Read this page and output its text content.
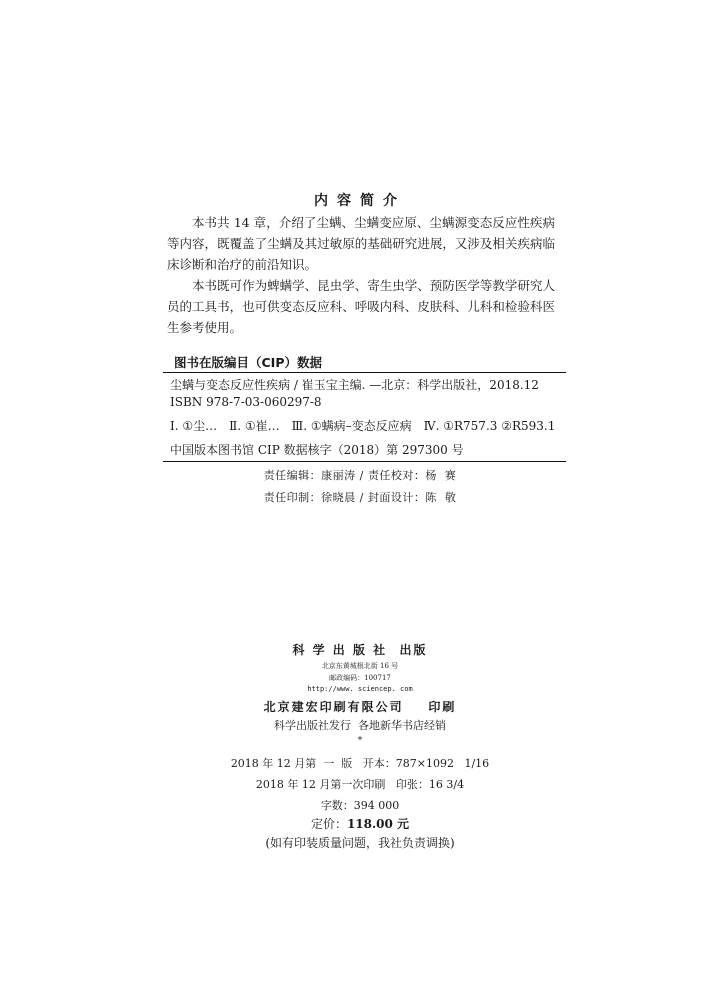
内容简介

本书共 14 章，介绍了尘螨、尘螨变应原、尘螨源变态反应性疾病等内容，既覆盖了尘螨及其过敏原的基础研究进展，又涉及相关疾病临床诊断和治疗的前沿知识。

本书既可作为蜱螨学、昆虫学、寄生虫学、预防医学等教学研究人员的工具书，也可供变态反应科、呼吸内科、皮肤科、儿科和检验科医生参考使用。

图书在版编目（CIP）数据
尘螨与变态反应性疾病 / 崔玉宝主编. —北京：科学出版社，2018.12
ISBN 978-7-03-060297-8
Ⅰ. ①尘…　Ⅱ. ①崔…　Ⅲ. ①螨病–变态反应病　Ⅳ. ①R757.3 ②R593.1
中国版本图书馆 CIP 数据核字（2018）第 297300 号
责任编辑：康丽涛 / 责任校对：杨  赛
责任印制：徐晓晨 / 封面设计：陈  敬
科 学 出 版 社  出版
北京东黄城根北街 16 号
邮政编码：100717
http://www. sciencep. com
北京建宏印刷有限公司    印刷
科学出版社发行  各地新华书店经销
*
2018 年 12 月第  一  版   开本：787×1092   1/16
2018 年 12 月第一次印刷   印张：16 3/4
字数：394 000
定价：118.00 元
(如有印装质量问题，我社负责调换)
